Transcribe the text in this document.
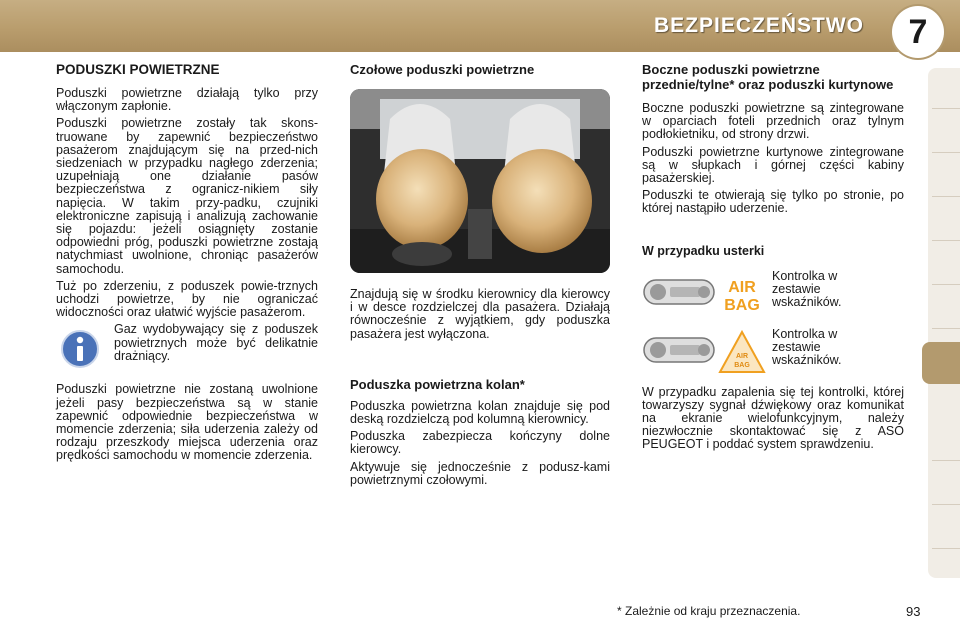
BEZPIECZEŃSTWO	7
PODUSZKI POWIETRZNE

Poduszki powietrzne działają tylko przy włączonym zapłonie.

Poduszki powietrzne zostały tak skons-truowane by zapewnić bezpieczeństwo pasażerom znajdującym się na przed-nich siedzeniach w przypadku nagłego zderzenia; uzupełniają one działanie pasów bezpieczeństwa z ogranicz-nikiem siły napięcia. W takim przy-padku, czujniki elektroniczne zapisują i analizują zachowanie się pojazdu: jeżeli osiągnięty zostanie odpowiedni próg, poduszki powietrzne zostają natychmiast uwolnione, chroniąc pasażerów samochodu.

Tuż po zderzeniu, z poduszek powie-trznych uchodzi powietrze, by nie ograniczać widoczności oraz ułatwić wyjście pasażerom.

Gaz wydobywający się z poduszek powietrznych może być delikatnie drażniący.

Poduszki powietrzne nie zostaną uwolnione jeżeli pasy bezpieczeństwa są w stanie zapewnić odpowiednie bezpieczeństwa w momencie zderzenia; siła uderzenia zależy od rodzaju przeszkody miejsca uderzenia oraz prędkości samochodu w momencie zderzenia.

Czołowe poduszki powietrzne

Znajdują się w środku kierownicy dla kierowcy i w desce rozdzielczej dla pasażera. Działają równocześnie z wyjątkiem, gdy poduszka pasażera jest wyłączona.

Poduszka powietrzna kolan*

Poduszka powietrzna kolan znajduje się pod deską rozdzielczą pod kolumną kierownicy.

Poduszka zabezpiecza kończyny dolne kierowcy.

Aktywuje się jednocześnie z podusz-kami powietrznymi czołowymi.

Boczne poduszki powietrzne przednie/tylne* oraz poduszki kurtynowe

Boczne poduszki powietrzne są zintegrowane w oparciach foteli przednich oraz tylnym podłokietniku, od strony drzwi.

Poduszki powietrzne kurtynowe zintegrowane są w słupkach i górnej części kabiny pasażerskiej.

Poduszki te otwierają się tylko po stronie, po której nastąpiło uderzenie.

W przypadku usterki
AIR
BAG

Kontrolka w zestawie wskaźników.

AIR
BAG

Kontrolka w zestawie wskaźników.

W przypadku zapalenia się tej kontrolki, której towarzyszy sygnał dźwiękowy oraz komunikat na ekranie wielofunkcyjnym, należy niezwłocznie skontaktować się z ASO PEUGEOT i poddać system sprawdzeniu.

* Zależnie od kraju przeznaczenia.	93
